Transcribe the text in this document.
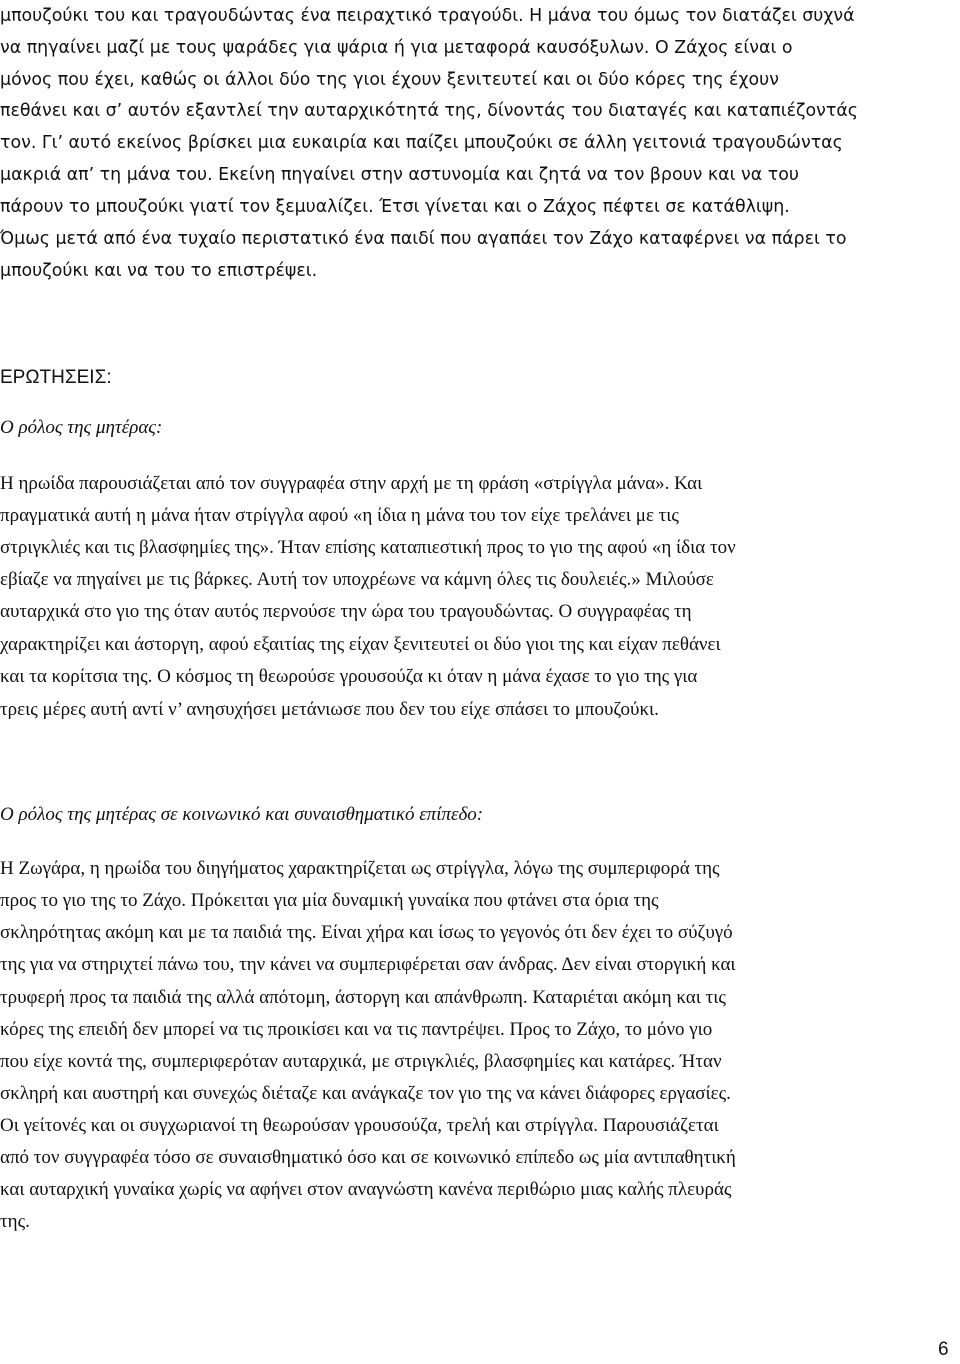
μπουζούκι του και τραγουδώντας ένα πειραχτικό τραγούδι. Η μάνα του όμως τον διατάζει συχνά

να πηγαίνει μαζί με τους ψαράδες για ψάρια ή για μεταφορά καυσόξυλων. Ο Ζάχος είναι ο

μόνος που έχει, καθώς οι άλλοι δύο της γιοι έχουν ξενιτευτεί και οι δύο κόρες της έχουν

πεθάνει και σ’ αυτόν εξαντλεί την αυταρχικότητά της, δίνοντάς του διαταγές και καταπιέζοντάς

τον. Γι’ αυτό εκείνος βρίσκει μια ευκαιρία και παίζει μπουζούκι σε άλλη γειτονιά τραγουδώντας

μακριά απ’ τη μάνα του. Εκείνη πηγαίνει στην αστυνομία και ζητά να τον βρουν και να του

πάρουν το μπουζούκι γιατί τον ξεμυαλίζει. Έτσι γίνεται και ο Ζάχος πέφτει σε κατάθλιψη.

Όμως μετά από ένα τυχαίο περιστατικό ένα παιδί που αγαπάει τον Ζάχο καταφέρνει να πάρει το

μπουζούκι και να του το επιστρέψει.

ΕΡΩΤΗΣΕΙΣ:

Ο ρόλος της μητέρας:

Η ηρωίδα παρουσιάζεται από τον συγγραφέα στην αρχή με τη φράση «στρίγγλα μάνα». Και

πραγματικά αυτή η μάνα ήταν στρίγγλα αφού «η ίδια η μάνα του τον είχε τρελάνει με τις

στριγκλιές και τις βλασφημίες της». Ήταν επίσης καταπιεστική προς το γιο της αφού «η ίδια τον

εβίαζε να πηγαίνει με τις βάρκες. Αυτή τον υποχρέωνε να κάμνη όλες τις δουλειές.» Μιλούσε

αυταρχικά στο γιο της όταν αυτός περνούσε την ώρα του τραγουδώντας. Ο συγγραφέας τη

χαρακτηρίζει και άστοργη, αφού εξαιτίας της είχαν ξενιτευτεί οι δύο γιοι της και είχαν πεθάνει

και τα κορίτσια της. Ο κόσμος τη θεωρούσε γρουσούζα κι όταν η μάνα έχασε το γιο της για

τρεις μέρες αυτή αντί ν’ ανησυχήσει μετάνιωσε που δεν του είχε σπάσει το μπουζούκι.

Ο ρόλος της μητέρας σε κοινωνικό και συναισθηματικό επίπεδο:

Η Ζωγάρα, η ηρωίδα του διηγήματος χαρακτηρίζεται ως στρίγγλα, λόγω της συμπεριφορά της

προς το γιο της το Ζάχο. Πρόκειται για μία δυναμική γυναίκα που φτάνει στα όρια της

σκληρότητας ακόμη και με τα παιδιά της. Είναι χήρα και ίσως το γεγονός ότι δεν έχει το σύζυγό

της για να στηριχτεί πάνω του, την κάνει να συμπεριφέρεται σαν άνδρας. Δεν είναι στοργική και

τρυφερή προς τα παιδιά της αλλά απότομη, άστοργη και απάνθρωπη. Καταριέται ακόμη και τις

κόρες της επειδή δεν μπορεί να τις προικίσει και να τις παντρέψει. Προς το Ζάχο, το μόνο γιο

που είχε κοντά της, συμπεριφερόταν αυταρχικά, με στριγκλιές, βλασφημίες και κατάρες. Ήταν

σκληρή και αυστηρή και συνεχώς διέταζε και ανάγκαζε τον γιο της να κάνει διάφορες εργασίες.

Οι γείτονές και οι συγχωριανοί τη θεωρούσαν γρουσούζα, τρελή και στρίγγλα. Παρουσιάζεται

από τον συγγραφέα τόσο σε συναισθηματικό όσο και σε κοινωνικό επίπεδο ως μία αντιπαθητική

και αυταρχική γυναίκα χωρίς να αφήνει στον αναγνώστη κανένα περιθώριο μιας καλής πλευράς

της.

6
